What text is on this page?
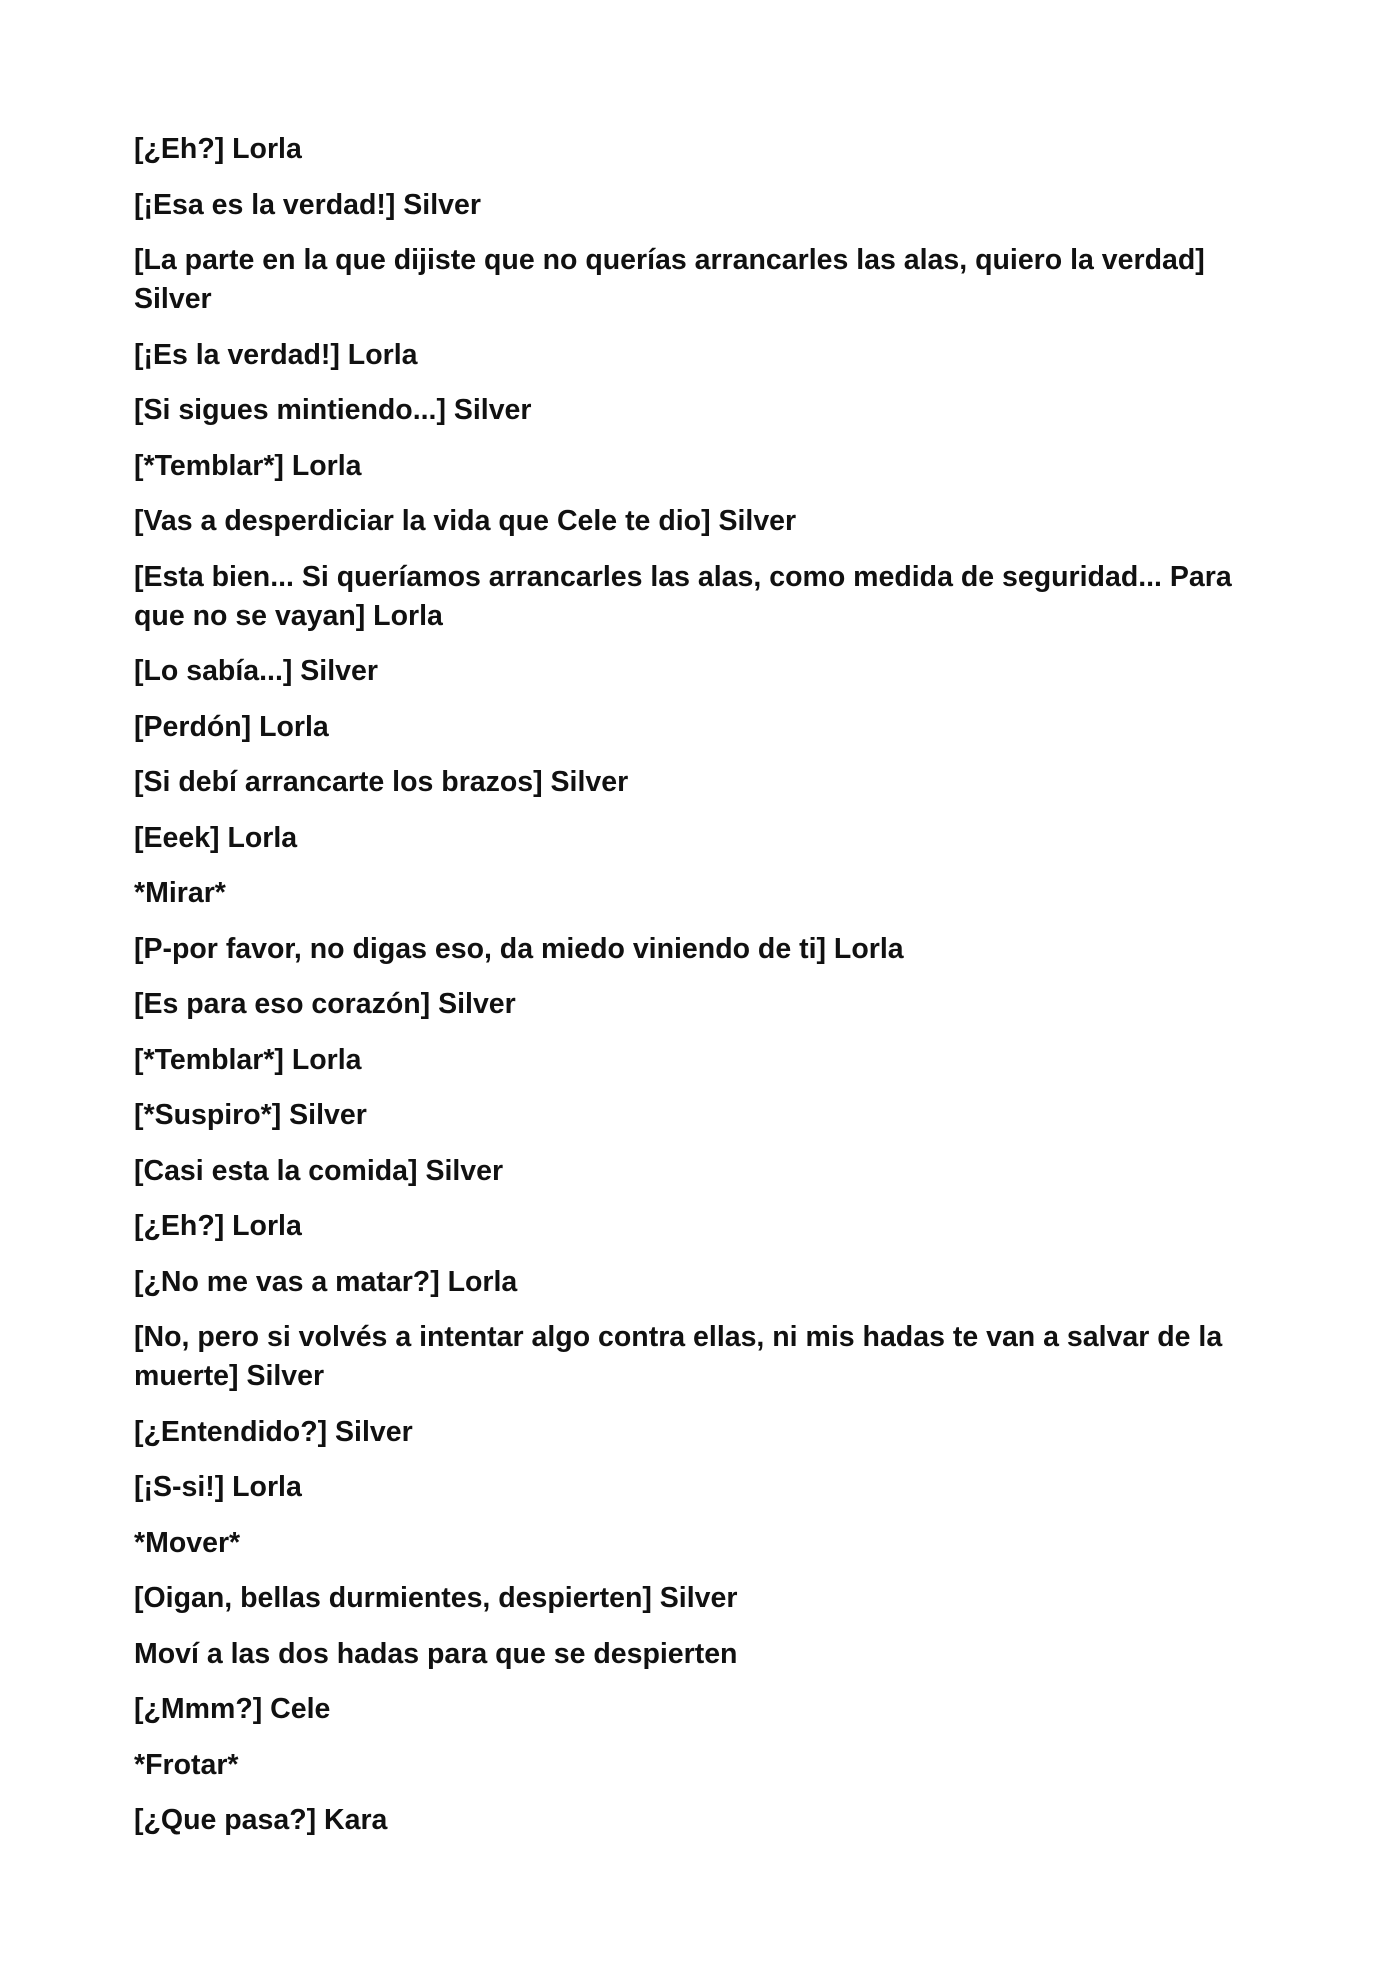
[¿Eh?] Lorla

[¡Esa es la verdad!] Silver

[La parte en la que dijiste que no querías arrancarles las alas, quiero la verdad] Silver

[¡Es la verdad!] Lorla

[Si sigues mintiendo...] Silver

[*Temblar*] Lorla

[Vas a desperdiciar la vida que Cele te dio] Silver

[Esta bien... Si queríamos arrancarles las alas, como medida de seguridad... Para que no se vayan] Lorla

[Lo sabía...] Silver

[Perdón] Lorla

[Si debí arrancarte los brazos] Silver

[Eeek] Lorla

*Mirar*

[P-por favor, no digas eso, da miedo viniendo de ti] Lorla

[Es para eso corazón] Silver

[*Temblar*] Lorla

[*Suspiro*] Silver

[Casi esta la comida] Silver

[¿Eh?] Lorla

[¿No me vas a matar?] Lorla

[No, pero si volvés a intentar algo contra ellas, ni mis hadas te van a salvar de la muerte] Silver

[¿Entendido?] Silver

[¡S-si!] Lorla

*Mover*

[Oigan, bellas durmientes, despierten] Silver

Moví a las dos hadas para que se despierten

[¿Mmm?] Cele

*Frotar*

[¿Que pasa?] Kara
